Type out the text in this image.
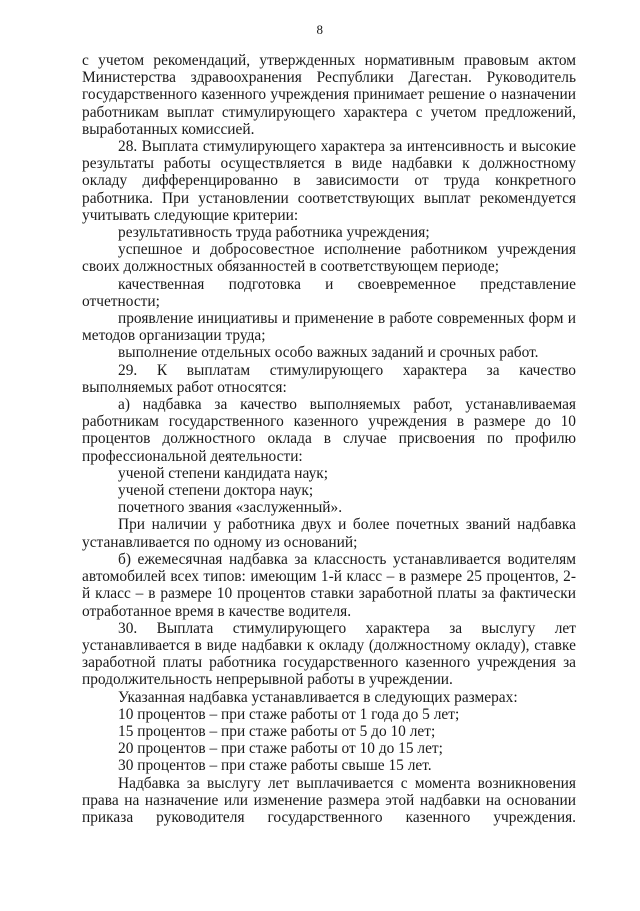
8

с учетом рекомендаций, утвержденных нормативным правовым актом Министерства здравоохранения Республики Дагестан. Руководитель государственного казенного учреждения принимает решение о назначении работникам выплат стимулирующего характера с учетом предложений, выработанных комиссией.

28. Выплата стимулирующего характера за интенсивность и высокие результаты работы осуществляется в виде надбавки к должностному окладу дифференцированно в зависимости от труда конкретного работника. При установлении соответствующих выплат рекомендуется учитывать следующие критерии:

результативность труда работника учреждения;

успешное и добросовестное исполнение работником учреждения своих должностных обязанностей в соответствующем периоде;

качественная подготовка и своевременное представление отчетности;

проявление инициативы и применение в работе современных форм и методов организации труда;

выполнение отдельных особо важных заданий и срочных работ.

29. К выплатам стимулирующего характера за качество выполняемых работ относятся:

а) надбавка за качество выполняемых работ, устанавливаемая работникам государственного казенного учреждения в размере до 10 процентов должностного оклада в случае присвоения по профилю профессиональной деятельности:

ученой степени кандидата наук;

ученой степени доктора наук;

почетного звания «заслуженный».

При наличии у работника двух и более почетных званий надбавка устанавливается по одному из оснований;

б) ежемесячная надбавка за классность устанавливается водителям автомобилей всех типов: имеющим 1-й класс – в размере 25 процентов, 2-й класс – в размере 10 процентов ставки заработной платы за фактически отработанное время в качестве водителя.

30. Выплата стимулирующего характера за выслугу лет устанавливается в виде надбавки к окладу (должностному окладу), ставке заработной платы работника государственного казенного учреждения за продолжительность непрерывной работы в учреждении.

Указанная надбавка устанавливается в следующих размерах:

10 процентов – при стаже работы от 1 года до 5 лет;

15 процентов – при стаже работы от 5 до 10 лет;

20 процентов – при стаже работы от 10 до 15 лет;

30 процентов – при стаже работы свыше 15 лет.

Надбавка за выслугу лет выплачивается с момента возникновения права на назначение или изменение размера этой надбавки на основании приказа руководителя государственного казенного учреждения.
